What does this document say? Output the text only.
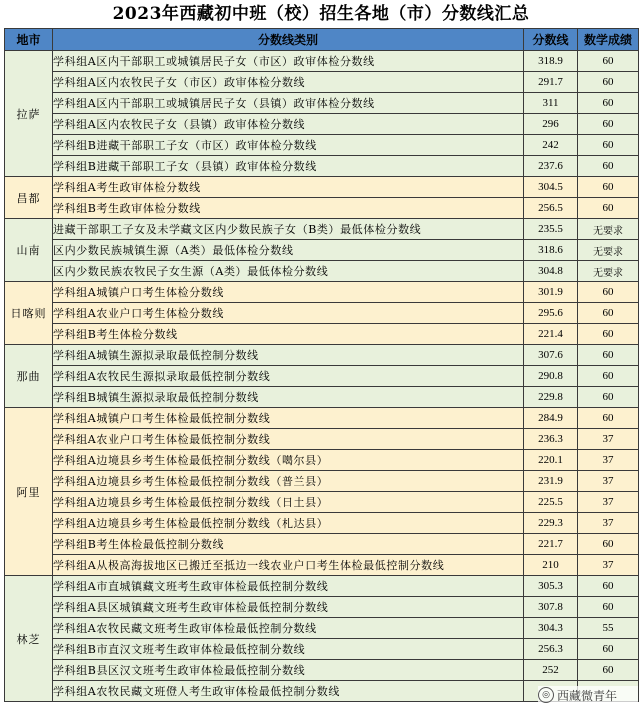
2023年西藏初中班（校）招生各地（市）分数线汇总
地市	分数线类别	分数线	数学成绩
拉萨	学科组A区内干部职工或城镇居民子女（市区）政审体检分数线	318.9	60
	学科组A区内农牧民子女（市区）政审体检分数线	291.7	60
	学科组A区内干部职工或城镇居民子女（县镇）政审体检分数线	311	60
	学科组A区内农牧民子女（县镇）政审体检分数线	296	60
	学科组B进藏干部职工子女（市区）政审体检分数线	242	60
	学科组B进藏干部职工子女（县镇）政审体检分数线	237.6	60
昌都	学科组A考生政审体检分数线	304.5	60
	学科组B考生政审体检分数线	256.5	60
山南	进藏干部职工子女及未学藏文区内少数民族子女（B类）最低体检分数线	235.5	无要求
	区内少数民族城镇生源（A类）最低体检分数线	318.6	无要求
	区内少数民族农牧民子女生源（A类）最低体检分数线	304.8	无要求
日喀则	学科组A城镇户口考生体检分数线	301.9	60
	学科组A农业户口考生体检分数线	295.6	60
	学科组B考生体检分数线	221.4	60
那曲	学科组A城镇生源拟录取最低控制分数线	307.6	60
	学科组A农牧民生源拟录取最低控制分数线	290.8	60
	学科组B城镇生源拟录取最低控制分数线	229.8	60
阿里	学科组A城镇户口考生体检最低控制分数线	284.9	60
	学科组A农业户口考生体检最低控制分数线	236.3	37
	学科组A边境县乡考生体检最低控制分数线（噶尔县）	220.1	37
	学科组A边境县乡考生体检最低控制分数线（普兰县）	231.9	37
	学科组A边境县乡考生体检最低控制分数线（日土县）	225.5	37
	学科组A边境县乡考生体检最低控制分数线（札达县）	229.3	37
	学科组B考生体检最低控制分数线	221.7	60
	学科组A从极高海拔地区已搬迁至抵边一线农业户口考生体检最低控制分数线	210	37
林芝	学科组A市直城镇藏文班考生政审体检最低控制分数线	305.3	60
	学科组A县区城镇藏文班考生政审体检最低控制分数线	307.8	60
	学科组A农牧民藏文班考生政审体检最低控制分数线	304.3	55
	学科组B市直汉文班考生政审体检最低控制分数线	256.3	60
	学科组B县区汉文班考生政审体检最低控制分数线	252	60
	学科组A农牧民藏文班僜人考生政审体检最低控制分数线			◎ 西藏微青年
